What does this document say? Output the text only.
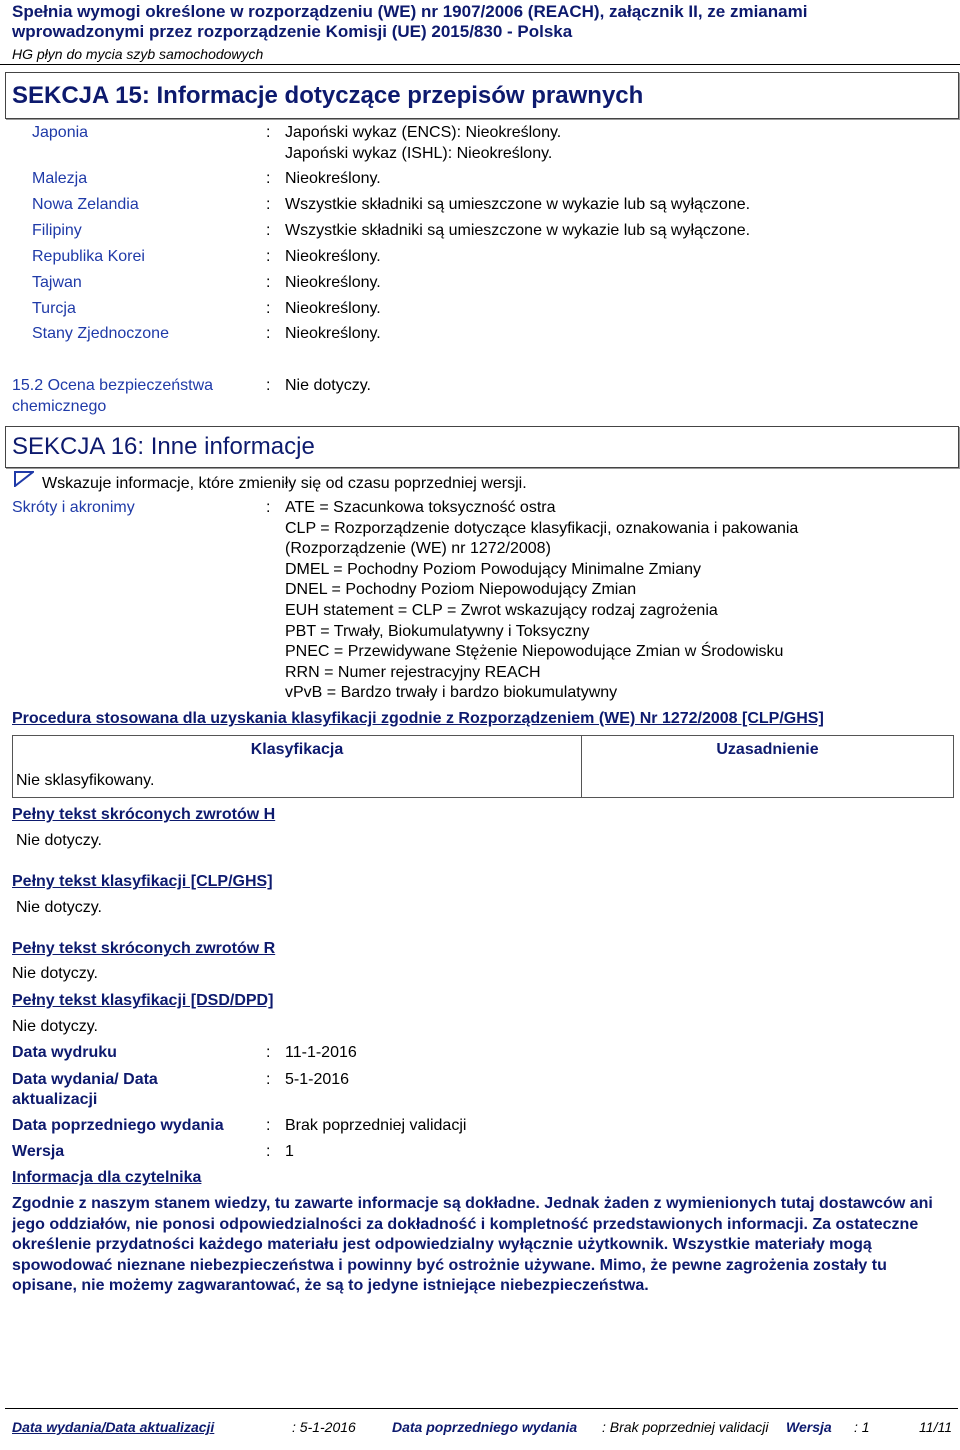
Spełnia wymogi określone w rozporządzeniu (WE) nr 1907/2006 (REACH), załącznik II, ze zmianami
wprowadzonymi przez rozporządzenie Komisji (UE) 2015/830 - Polska
HG płyn do mycia szyb samochodowych
SEKCJA 15: Informacje dotyczące przepisów prawnych
Japonia	: Japoński wykaz (ENCS): Nieokreślony.
Japoński wykaz (ISHL): Nieokreślony.
Malezja	: Nieokreślony.
Nowa Zelandia	: Wszystkie składniki są umieszczone w wykazie lub są wyłączone.
Filipiny	: Wszystkie składniki są umieszczone w wykazie lub są wyłączone.
Republika Korei	: Nieokreślony.
Tajwan	: Nieokreślony.
Turcja	: Nieokreślony.
Stany Zjednoczone	: Nieokreślony.
15.2 Ocena bezpieczeństwa
chemicznego
: Nie dotyczy.
SEKCJA 16: Inne informacje
Wskazuje informacje, które zmieniły się od czasu poprzedniej wersji.
Skróty i akronimy	: ATE = Szacunkowa toksyczność ostra
CLP = Rozporządzenie dotyczące klasyfikacji, oznakowania i pakowania
(Rozporządzenie (WE) nr 1272/2008)
DMEL = Pochodny Poziom Powodujący Minimalne Zmiany
DNEL = Pochodny Poziom Niepowodujący Zmian
EUH statement = CLP = Zwrot wskazujący rodzaj zagrożenia
PBT = Trwały, Biokumulatywny i Toksyczny
PNEC = Przewidywane Stężenie Niepowodujące Zmian w Środowisku
RRN = Numer rejestracyjny REACH
vPvB = Bardzo trwały i bardzo biokumulatywny
Procedura stosowana dla uzyskania klasyfikacji zgodnie z Rozporządzeniem (WE) Nr 1272/2008 [CLP/GHS]
Klasyfikacja	Uzasadnienie
Nie sklasyfikowany.	
Pełny tekst skróconych zwrotów H
Nie dotyczy.
Pełny tekst klasyfikacji [CLP/GHS]
Nie dotyczy.
Pełny tekst skróconych zwrotów R
Nie dotyczy.
Pełny tekst klasyfikacji [DSD/DPD]
Nie dotyczy.
Data wydruku	: 11-1-2016
Data wydania/ Data aktualizacji
: 5-1-2016
Data poprzedniego wydania	: Brak poprzedniej validacji
Wersja	: 1
Informacja dla czytelnika
Zgodnie z naszym stanem wiedzy, tu zawarte informacje są dokładne. Jednak żaden z wymienionych tutaj dostawców ani jego oddziałów, nie ponosi odpowiedzialności za dokładność i kompletność przedstawionych informacji. Za ostateczne określenie przydatności każdego materiału jest odpowiedzialny wyłącznie użytkownik. Wszystkie materiały mogą spowodować nieznane niebezpieczeństwa i powinny być ostrożnie używane. Mimo, że pewne zagrożenia zostały tu opisane, nie możemy zagwarantować, że są to jedyne istniejące niebezpieczeństwa.
Data wydania/Data aktualizacji	: 5-1-2016	Data poprzedniego wydania : Brak poprzedniej validacji Wersja : 1	11/11
